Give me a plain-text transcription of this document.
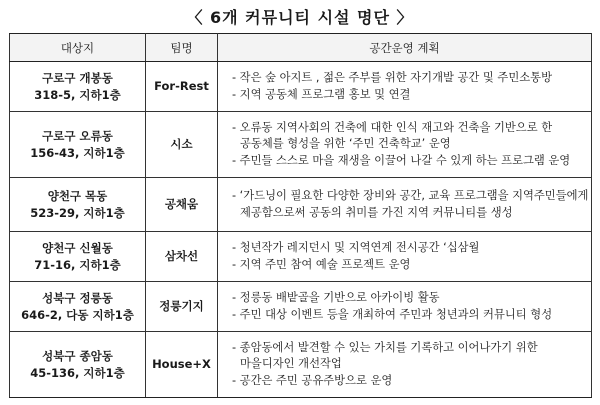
〈 6개 커뮤니티 시설 명단 〉
대상지	팀명	공간운영 계획

구로구 개봉동
318-5, 지하1층	For-Rest	- 작은 숲 아지트 , 젊은 주부를 위한 자기개발 공간 및 주민소통방
- 지역 공동체 프로그램 홍보 및 연결

구로구 오류동
156-43, 지하1층	시소	- 오류동 지역사회의 건축에 대한 인식 재고와 건축을 기반으로 한
공동체를 형성을 위한 ‘주민 건축학교’ 운영
- 주민들 스스로 마을 재생을 이끌어 나갈 수 있게 하는 프로그램 운영

양천구 목동
523-29, 지하1층	공채움	- ‘가드닝이 필요한 다양한 장비와 공간, 교육 프로그램을 지역주민들에게
제공함으로써 공동의 취미를 가진 지역 커뮤니티를 생성

양천구 신월동
71-16, 지하1층	삼차선	- 청년작가 레지던시 및 지역연계 전시공간 ‘십삼월
- 지역 주민 참여 예술 프로젝트 운영

성북구 정릉동
646-2, 다동 지하1층	정릉기지	- 정릉동 배밭골을 기반으로 아카이빙 활동
- 주민 대상 이벤트 등을 개최하여 주민과 청년과의 커뮤니티 형성

성북구 종암동
45-136, 지하1층	House+X	- 종암동에서 발견할 수 있는 가치를 기록하고 이어나가기 위한
마을디자인 개선작업
- 공간은 주민 공유주방으로 운영
